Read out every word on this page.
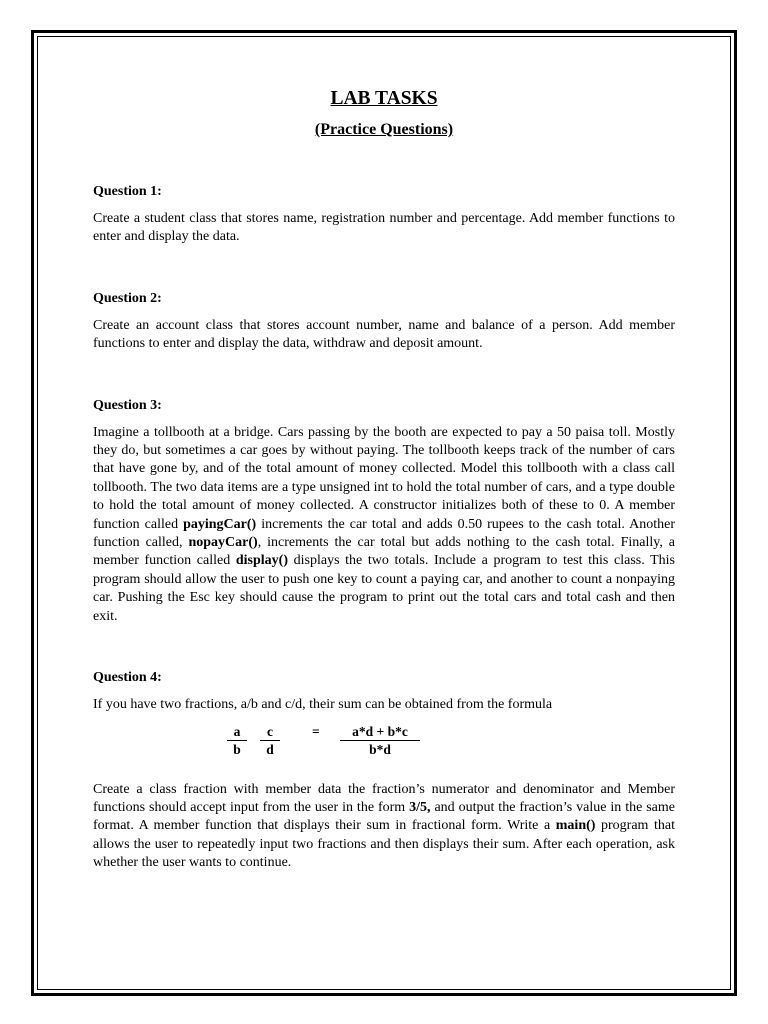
LAB TASKS
(Practice Questions)

Question 1:

Create a student class that stores name, registration number and percentage. Add member functions to enter and display the data.

Question 2:

Create an account class that stores account number, name and balance of a person. Add member functions to enter and display the data, withdraw and deposit amount.

Question 3:

Imagine a tollbooth at a bridge. Cars passing by the booth are expected to pay a 50 paisa toll. Mostly they do, but sometimes a car goes by without paying. The tollbooth keeps track of the number of cars that have gone by, and of the total amount of money collected. Model this tollbooth with a class call tollbooth. The two data items are a type unsigned int to hold the total number of cars, and a type double to hold the total amount of money collected. A constructor initializes both of these to 0. A member function called payingCar() increments the car total and adds 0.50 rupees to the cash total. Another function called, nopayCar(), increments the car total but adds nothing to the cash total. Finally, a member function called display() displays the two totals. Include a program to test this class. This program should allow the user to push one key to count a paying car, and another to count a nonpaying car. Pushing the Esc key should cause the program to print out the total cars and total cash and then exit.

Question 4:

If you have two fractions, a/b and c/d, their sum can be obtained from the formula

$\frac{a}{b} \frac{c}{d} = \frac{a*d + b*c}{b*d}$

Create a class fraction with member data the fraction’s numerator and denominator and Member functions should accept input from the user in the form 3/5, and output the fraction’s value in the same format. A member function that displays their sum in fractional form. Write a main() program that allows the user to repeatedly input two fractions and then displays their sum. After each operation, ask whether the user wants to continue.
